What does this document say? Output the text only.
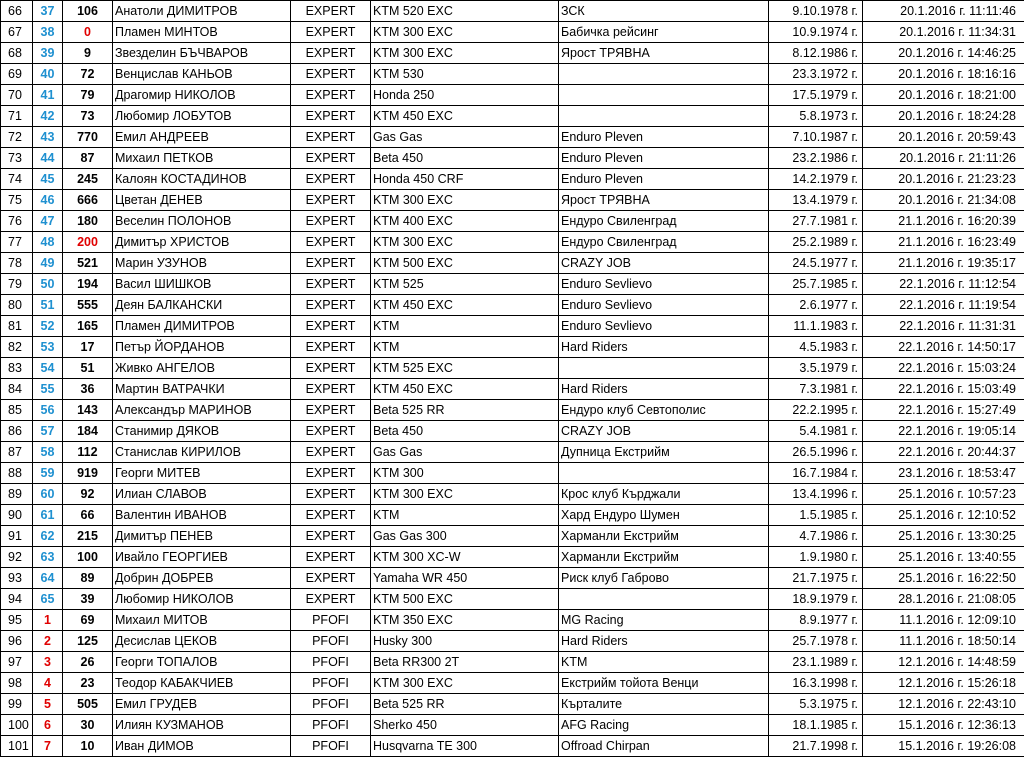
66	37	106	Анатоли ДИМИТРОВ	EXPERT	KTM 520 EXC	ЗСК	9.10.1978 г.	20.1.2016 г. 11:11:46
67	38	0	Пламен МИНТОВ	EXPERT	KTM 300 EXC	Бабичка рейсинг	10.9.1974 г.	20.1.2016 г. 11:34:31
68	39	9	Звезделин БЪЧВАРОВ	EXPERT	KTM 300 EXC	Ярост ТРЯВНА	8.12.1986 г.	20.1.2016 г. 14:46:25
69	40	72	Венцислав КАНЬОВ	EXPERT	KTM 530		23.3.1972 г.	20.1.2016 г. 18:16:16
70	41	79	Драгомир НИКОЛОВ	EXPERT	Honda 250		17.5.1979 г.	20.1.2016 г. 18:21:00
71	42	73	Любомир ЛОБУТОВ	EXPERT	KTM 450 EXC		5.8.1973 г.	20.1.2016 г. 18:24:28
72	43	770	Емил АНДРЕЕВ	EXPERT	Gas Gas	Enduro Pleven	7.10.1987 г.	20.1.2016 г. 20:59:43
73	44	87	Михаил ПЕТКОВ	EXPERT	Beta 450	Enduro Pleven	23.2.1986 г.	20.1.2016 г. 21:11:26
74	45	245	Калоян КОСТАДИНОВ	EXPERT	Honda 450 CRF	Enduro Pleven	14.2.1979 г.	20.1.2016 г. 21:23:23
75	46	666	Цветан ДЕНЕВ	EXPERT	KTM 300 EXC	Ярост ТРЯВНА	13.4.1979 г.	20.1.2016 г. 21:34:08
76	47	180	Веселин ПОЛОНОВ	EXPERT	KTM 400 EXC	Ендуро Свиленград	27.7.1981 г.	21.1.2016 г. 16:20:39
77	48	200	Димитър ХРИСТОВ	EXPERT	KTM 300 EXC	Ендуро Свиленград	25.2.1989 г.	21.1.2016 г. 16:23:49
78	49	521	Марин УЗУНОВ	EXPERT	KTM 500 EXC	CRAZY JOB	24.5.1977 г.	21.1.2016 г. 19:35:17
79	50	194	Васил ШИШКОВ	EXPERT	KTM 525	Enduro Sevlievo	25.7.1985 г.	22.1.2016 г. 11:12:54
80	51	555	Деян БАЛКАНСКИ	EXPERT	KTM 450 EXC	Enduro Sevlievo	2.6.1977 г.	22.1.2016 г. 11:19:54
81	52	165	Пламен ДИМИТРОВ	EXPERT	KTM	Enduro Sevlievo	11.1.1983 г.	22.1.2016 г. 11:31:31
82	53	17	Петър ЙОРДАНОВ	EXPERT	KTM	Hard Riders	4.5.1983 г.	22.1.2016 г. 14:50:17
83	54	51	Живко АНГЕЛОВ	EXPERT	KTM 525 EXC		3.5.1979 г.	22.1.2016 г. 15:03:24
84	55	36	Мартин ВАТРАЧКИ	EXPERT	KTM 450 EXC	Hard Riders	7.3.1981 г.	22.1.2016 г. 15:03:49
85	56	143	Александър МАРИНОВ	EXPERT	Beta 525 RR	Ендуро клуб Севтополис	22.2.1995 г.	22.1.2016 г. 15:27:49
86	57	184	Станимир ДЯКОВ	EXPERT	Beta 450	CRAZY JOB	5.4.1981 г.	22.1.2016 г. 19:05:14
87	58	112	Станислав КИРИЛОВ	EXPERT	Gas Gas	Дупница Екстрийм	26.5.1996 г.	22.1.2016 г. 20:44:37
88	59	919	Георги МИТЕВ	EXPERT	KTM 300		16.7.1984 г.	23.1.2016 г. 18:53:47
89	60	92	Илиан СЛАВОВ	EXPERT	KTM 300 EXC	Крос клуб Кърджали	13.4.1996 г.	25.1.2016 г. 10:57:23
90	61	66	Валентин ИВАНОВ	EXPERT	KTM	Хард Ендуро Шумен	1.5.1985 г.	25.1.2016 г. 12:10:52
91	62	215	Димитър ПЕНЕВ	EXPERT	Gas Gas 300	Харманли Екстрийм	4.7.1986 г.	25.1.2016 г. 13:30:25
92	63	100	Ивайло ГЕОРГИЕВ	EXPERT	KTM 300 XC-W	Харманли Екстрийм	1.9.1980 г.	25.1.2016 г. 13:40:55
93	64	89	Добрин ДОБРЕВ	EXPERT	Yamaha WR 450	Риск клуб Габрово	21.7.1975 г.	25.1.2016 г. 16:22:50
94	65	39	Любомир НИКОЛОВ	EXPERT	KTM 500 EXC		18.9.1979 г.	28.1.2016 г. 21:08:05
95	1	69	Михаил МИТОВ	PFOFI	KTM 350 EXC	MG Racing	8.9.1977 г.	11.1.2016 г. 12:09:10
96	2	125	Десислав ЦЕКОВ	PFOFI	Husky 300	Hard Riders	25.7.1978 г.	11.1.2016 г. 18:50:14
97	3	26	Георги ТОПАЛОВ	PFOFI	Beta RR300 2T	KTM	23.1.1989 г.	12.1.2016 г. 14:48:59
98	4	23	Теодор КАБАКЧИЕВ	PFOFI	KTM 300 EXC	Екстрийм тойота Венци	16.3.1998 г.	12.1.2016 г. 15:26:18
99	5	505	Емил ГРУДЕВ	PFOFI	Beta 525 RR	Кърталите	5.3.1975 г.	12.1.2016 г. 22:43:10
100	6	30	Илиян КУЗМАНОВ	PFOFI	Sherko 450	AFG Racing	18.1.1985 г.	15.1.2016 г. 12:36:13
101	7	10	Иван ДИМОВ	PFOFI	Husqvarna TE 300	Offroad Chirpan	21.7.1998 г.	15.1.2016 г. 19:26:08
